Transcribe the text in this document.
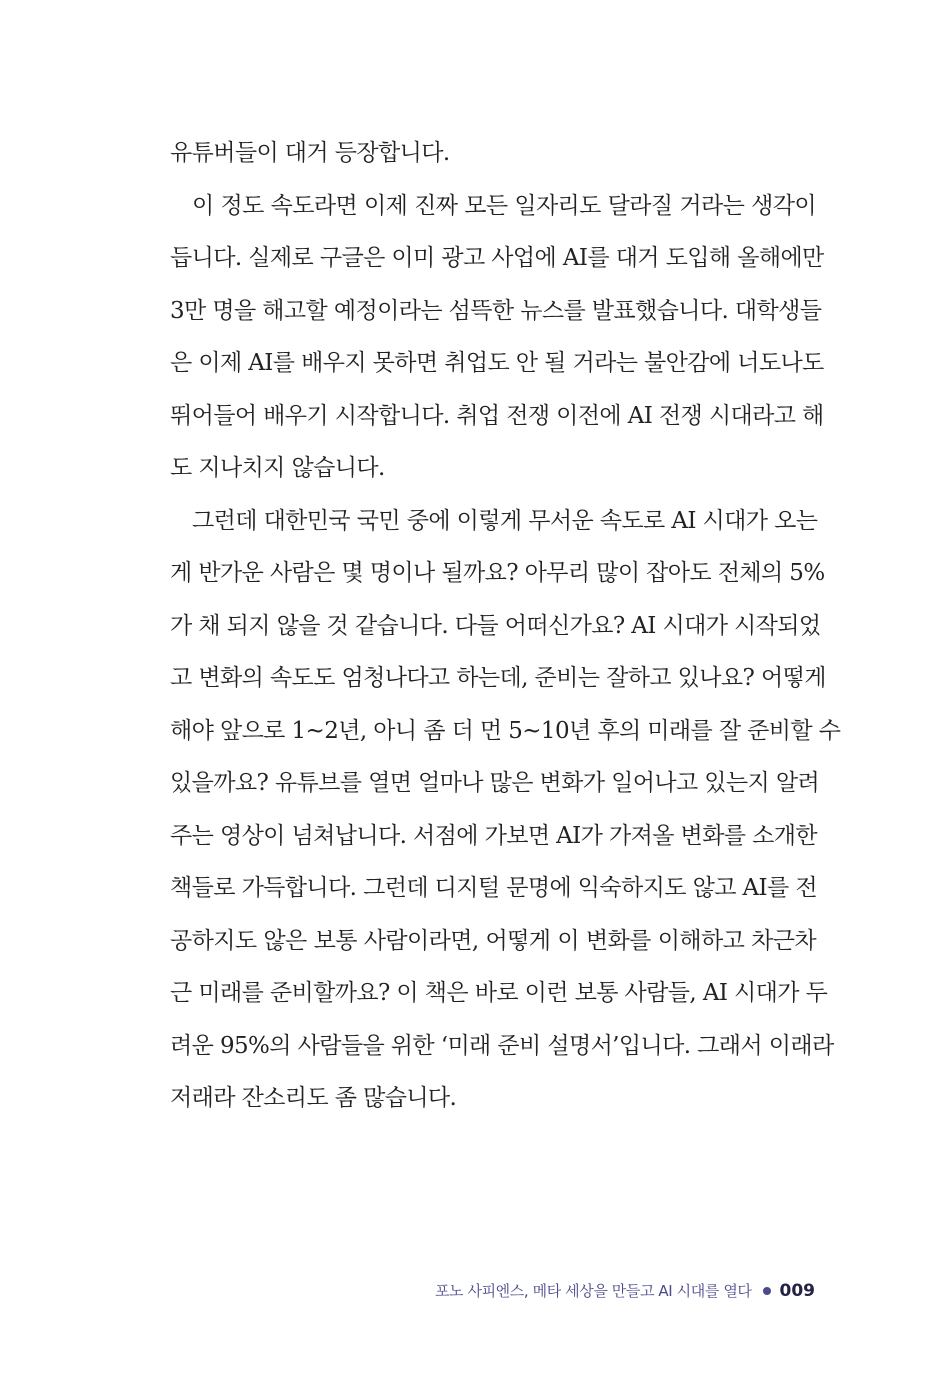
유튜버들이 대거 등장합니다.
이 정도 속도라면 이제 진짜 모든 일자리도 달라질 거라는 생각이
듭니다. 실제로 구글은 이미 광고 사업에 AI를 대거 도입해 올해에만
3만 명을 해고할 예정이라는 섬뜩한 뉴스를 발표했습니다. 대학생들
은 이제 AI를 배우지 못하면 취업도 안 될 거라는 불안감에 너도나도
뛰어들어 배우기 시작합니다. 취업 전쟁 이전에 AI 전쟁 시대라고 해
도 지나치지 않습니다.
그런데 대한민국 국민 중에 이렇게 무서운 속도로 AI 시대가 오는
게 반가운 사람은 몇 명이나 될까요? 아무리 많이 잡아도 전체의 5%
가 채 되지 않을 것 같습니다. 다들 어떠신가요? AI 시대가 시작되었
고 변화의 속도도 엄청나다고 하는데, 준비는 잘하고 있나요? 어떻게
해야 앞으로 1~2년, 아니 좀 더 먼 5~10년 후의 미래를 잘 준비할 수
있을까요? 유튜브를 열면 얼마나 많은 변화가 일어나고 있는지 알려
주는 영상이 넘쳐납니다. 서점에 가보면 AI가 가져올 변화를 소개한
책들로 가득합니다. 그런데 디지털 문명에 익숙하지도 않고 AI를 전
공하지도 않은 보통 사람이라면, 어떻게 이 변화를 이해하고 차근차
근 미래를 준비할까요? 이 책은 바로 이런 보통 사람들, AI 시대가 두
려운 95%의 사람들을 위한 ‘미래 준비 설명서’입니다. 그래서 이래라
저래라 잔소리도 좀 많습니다.
포노 사피엔스, 메타 세상을 만들고 AI 시대를 열다 009
